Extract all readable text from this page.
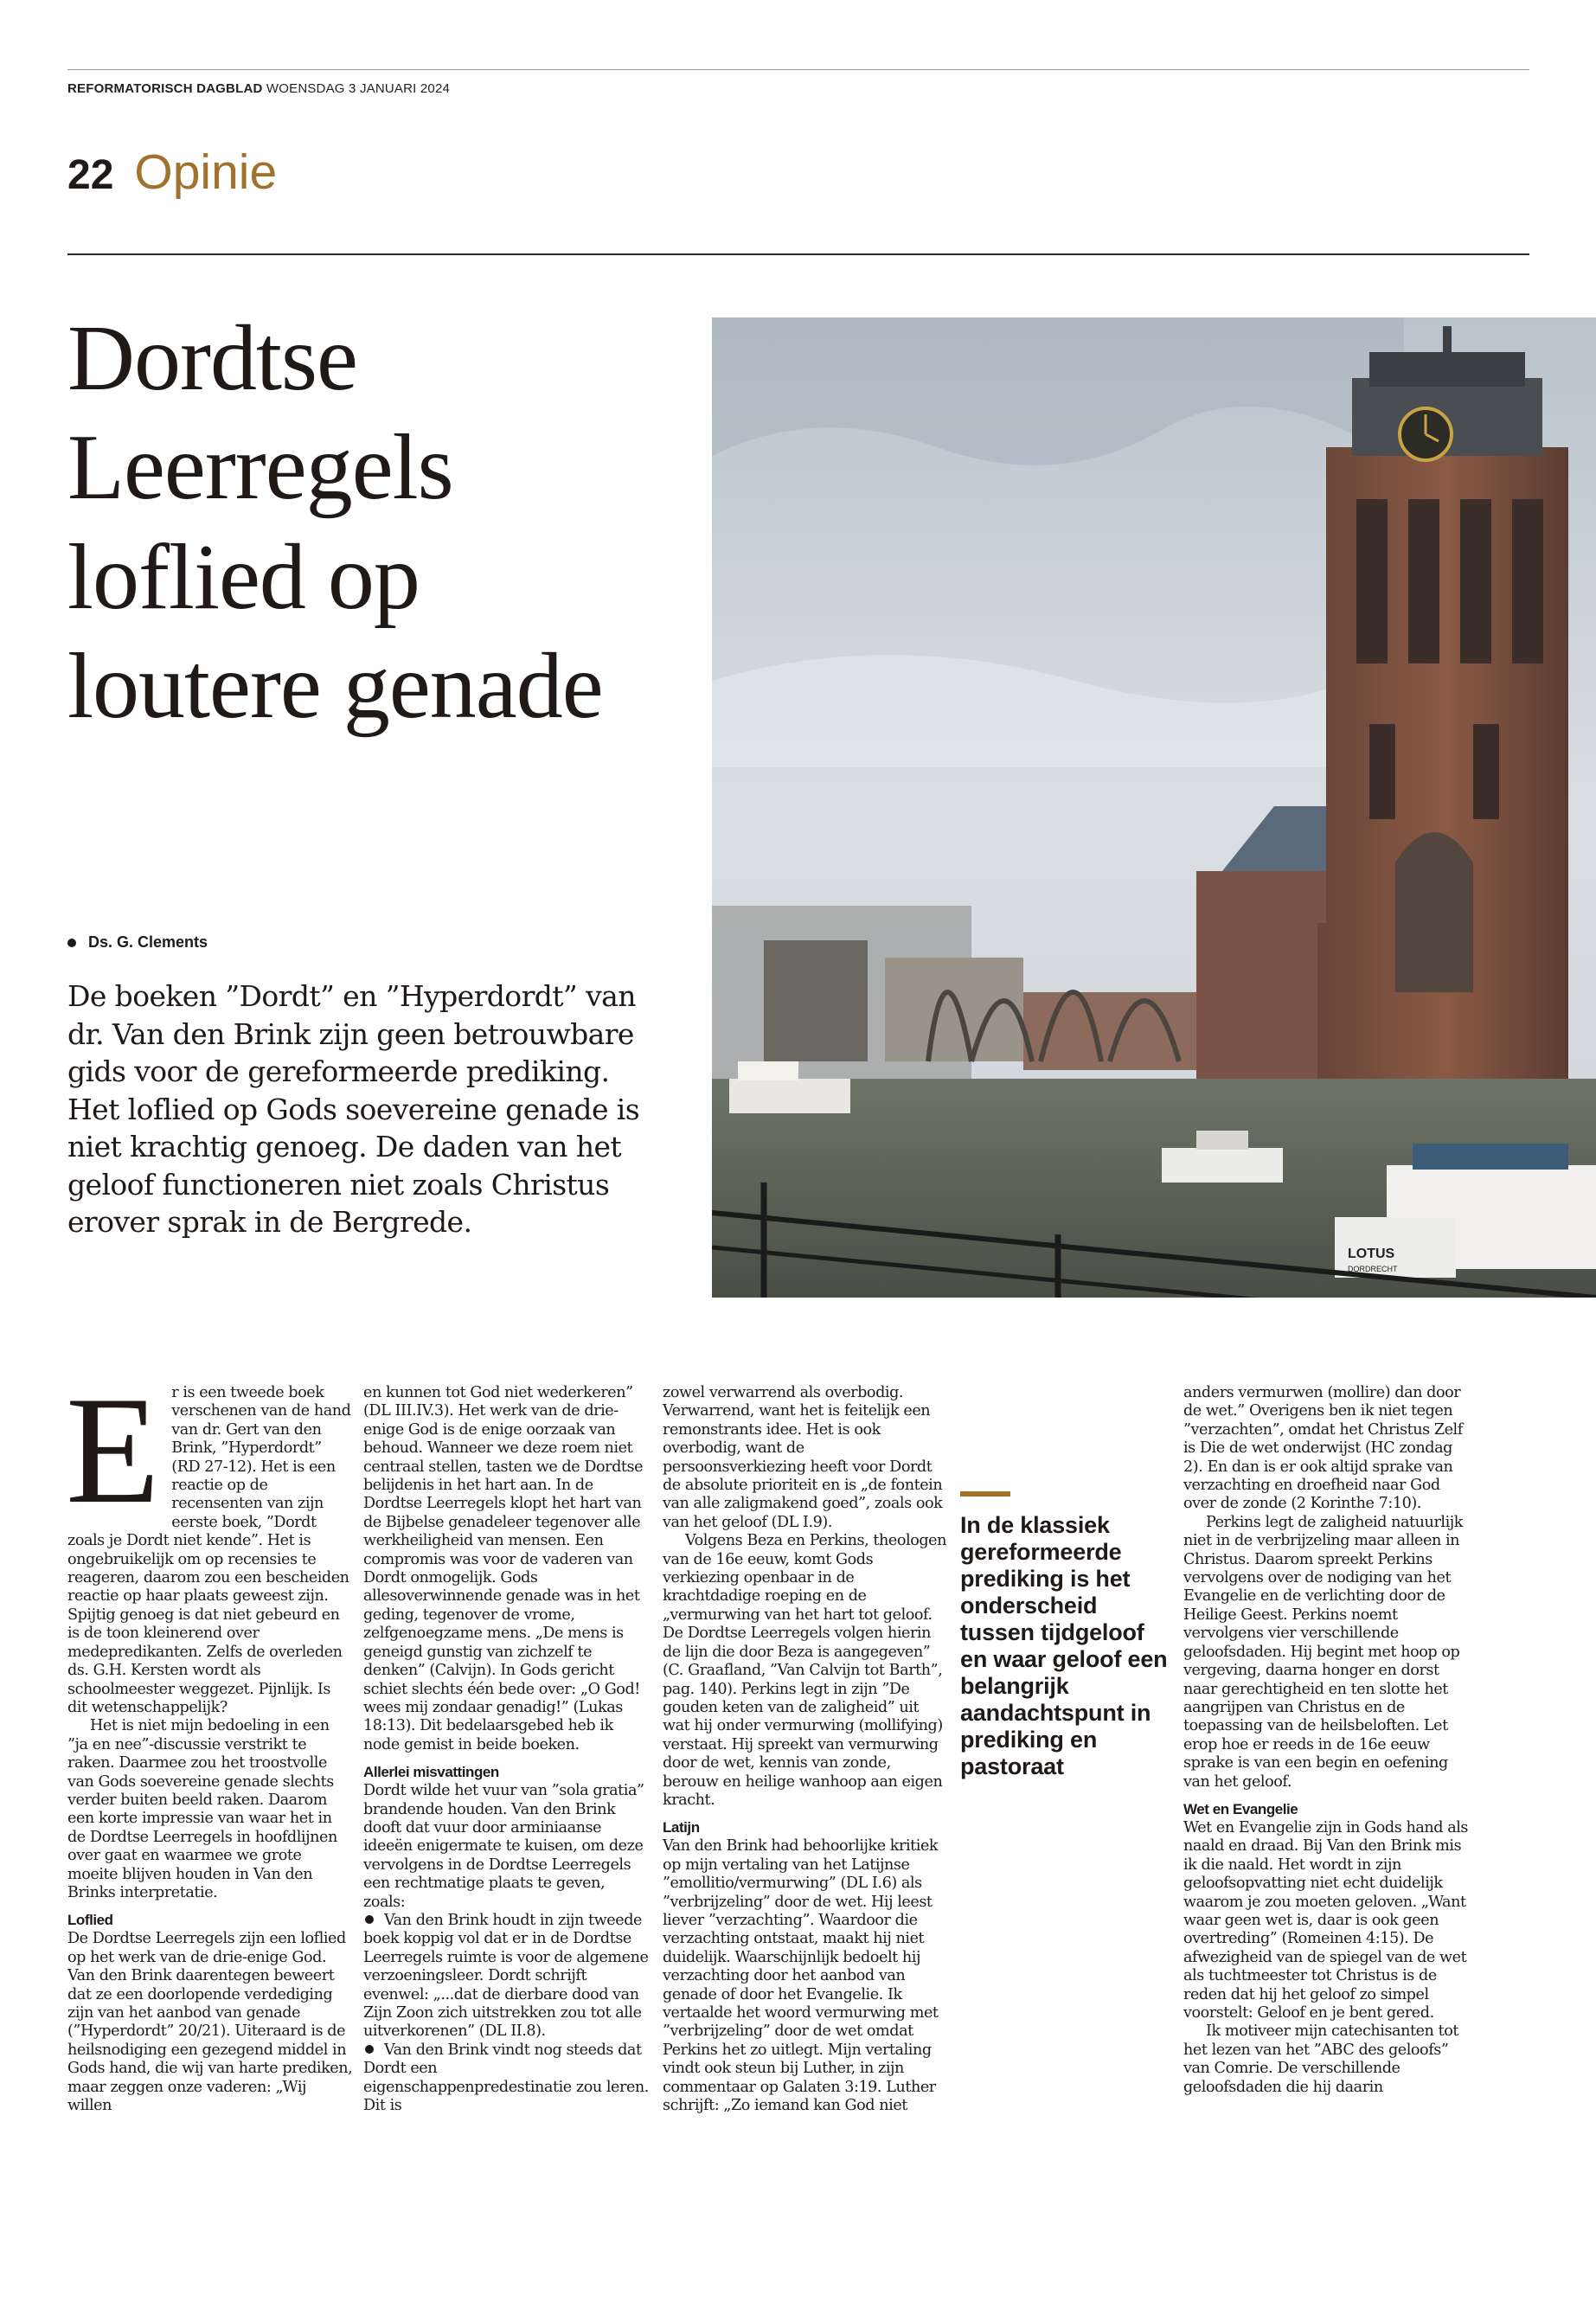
REFORMATORISCH DAGBLAD WOENSDAG 3 JANUARI 2024
22 Opinie
Dordtse Leerregels loflied op loutere genade
Ds. G. Clements

De boeken ”Dordt” en ”Hyperdordt” van dr. Van den Brink zijn geen betrouwbare gids voor de gereformeerde prediking. Het loflied op Gods soevereine genade is niet krachtig genoeg. De daden van het geloof functioneren niet zoals Christus erover sprak in de Bergrede.

LOTUS
DORDRECHT
E r is een tweede boek verschenen van de hand van dr. Gert van den Brink, ”Hyperdordt” (RD 27-12). Het is een reactie op de recensenten van zijn eerste boek, ”Dordt zoals je Dordt niet kende”. Het is ongebruikelijk om op recensies te reageren, daarom zou een bescheiden reactie op haar plaats geweest zijn. Spijtig genoeg is dat niet gebeurd en is de toon kleinerend over medepredikanten. Zelfs de overleden ds. G.H. Kersten wordt als schoolmeester weggezet. Pijnlijk. Is dit wetenschappelijk?

Het is niet mijn bedoeling in een ”ja en nee”-discussie verstrikt te raken. Daarmee zou het troostvolle van Gods soevereine genade slechts verder buiten beeld raken. Daarom een korte impressie van waar het in de Dordtse Leerregels in hoofdlijnen over gaat en waarmee we grote moeite blijven houden in Van den Brinks interpretatie.

Loflied

De Dordtse Leerregels zijn een loflied op het werk van de drie-enige God. Van den Brink daarentegen beweert dat ze een doorlopende verdediging zijn van het aanbod van genade (”Hyperdordt” 20/21). Uiteraard is de heilsnodiging een gezegend middel in Gods hand, die wij van harte prediken, maar zeggen onze vaderen: „Wij willen

en kunnen tot God niet wederkeren” (DL III.IV.3). Het werk van de drie-enige God is de enige oorzaak van behoud. Wanneer we deze roem niet centraal stellen, tasten we de Dordtse belijdenis in het hart aan. In de Dordtse Leerregels klopt het hart van de Bijbelse genadeleer tegenover alle werkheiligheid van mensen. Een compromis was voor de vaderen van Dordt onmogelijk. Gods allesoverwinnende genade was in het geding, tegenover de vrome, zelfgenoegzame mens. „De mens is geneigd gunstig van zichzelf te denken” (Calvijn). In Gods gericht schiet slechts één bede over: „O God! wees mij zondaar genadig!” (Lukas 18:13). Dit bedelaarsgebed heb ik node gemist in beide boeken.

Allerlei misvattingen

Dordt wilde het vuur van ”sola gratia” brandende houden. Van den Brink dooft dat vuur door arminiaanse ideeën enigermate te kuisen, om deze vervolgens in de Dordtse Leerregels een rechtmatige plaats te geven, zoals:

Van den Brink houdt in zijn tweede boek koppig vol dat er in de Dordtse Leerregels ruimte is voor de algemene verzoeningsleer. Dordt schrijft evenwel: „...dat de dierbare dood van Zijn Zoon zich uitstrekken zou tot alle uitverkorenen” (DL II.8).

Van den Brink vindt nog steeds dat Dordt een eigenschappenpredestinatie zou leren. Dit is

zowel verwarrend als overbodig. Verwarrend, want het is feitelijk een remonstrants idee. Het is ook overbodig, want de persoonsverkiezing heeft voor Dordt de absolute prioriteit en is „de fontein van alle zaligmakend goed”, zoals ook van het geloof (DL I.9).

Volgens Beza en Perkins, theologen van de 16e eeuw, komt Gods verkiezing openbaar in de krachtdadige roeping en de „vermurwing van het hart tot geloof. De Dordtse Leerregels volgen hierin de lijn die door Beza is aangegeven” (C. Graafland, ”Van Calvijn tot Barth”, pag. 140). Perkins legt in zijn ”De gouden keten van de zaligheid” uit wat hij onder vermurwing (mollifying) verstaat. Hij spreekt van vermurwing door de wet, kennis van zonde, berouw en heilige wanhoop aan eigen kracht.

Latijn

Van den Brink had behoorlijke kritiek op mijn vertaling van het Latijnse ”emollitio/vermurwing” (DL I.6) als ”verbrijzeling” door de wet. Hij leest liever ”verzachting”. Waardoor die verzachting ontstaat, maakt hij niet duidelijk. Waarschijnlijk bedoelt hij verzachting door het aanbod van genade of door het Evangelie. Ik vertaalde het woord vermurwing met ”verbrijzeling” door de wet omdat Perkins het zo uitlegt. Mijn vertaling vindt ook steun bij Luther, in zijn commentaar op Galaten 3:19. Luther schrijft: „Zo iemand kan God niet

In de klassiek gereformeerde prediking is het onderscheid tussen tijdgeloof en waar geloof een belangrijk aandachtspunt in prediking en pastoraat

anders vermurwen (mollire) dan door de wet.” Overigens ben ik niet tegen ”verzachten”, omdat het Christus Zelf is Die de wet onderwijst (HC zondag 2). En dan is er ook altijd sprake van verzachting en droefheid naar God over de zonde (2 Korinthe 7:10).

Perkins legt de zaligheid natuurlijk niet in de verbrijzeling maar alleen in Christus. Daarom spreekt Perkins vervolgens over de nodiging van het Evangelie en de verlichting door de Heilige Geest. Perkins noemt vervolgens vier verschillende geloofsdaden. Hij begint met hoop op vergeving, daarna honger en dorst naar gerechtigheid en ten slotte het aangrijpen van Christus en de toepassing van de heilsbeloften. Let erop hoe er reeds in de 16e eeuw sprake is van een begin en oefening van het geloof.

Wet en Evangelie

Wet en Evangelie zijn in Gods hand als naald en draad. Bij Van den Brink mis ik die naald. Het wordt in zijn geloofsopvatting niet echt duidelijk waarom je zou moeten geloven. „Want waar geen wet is, daar is ook geen overtreding” (Romeinen 4:15). De afwezigheid van de spiegel van de wet als tuchtmeester tot Christus is de reden dat hij het geloof zo simpel voorstelt: Geloof en je bent gered.

Ik motiveer mijn catechisanten tot het lezen van het ”ABC des geloofs” van Comrie. De verschillende geloofsdaden die hij daarin
